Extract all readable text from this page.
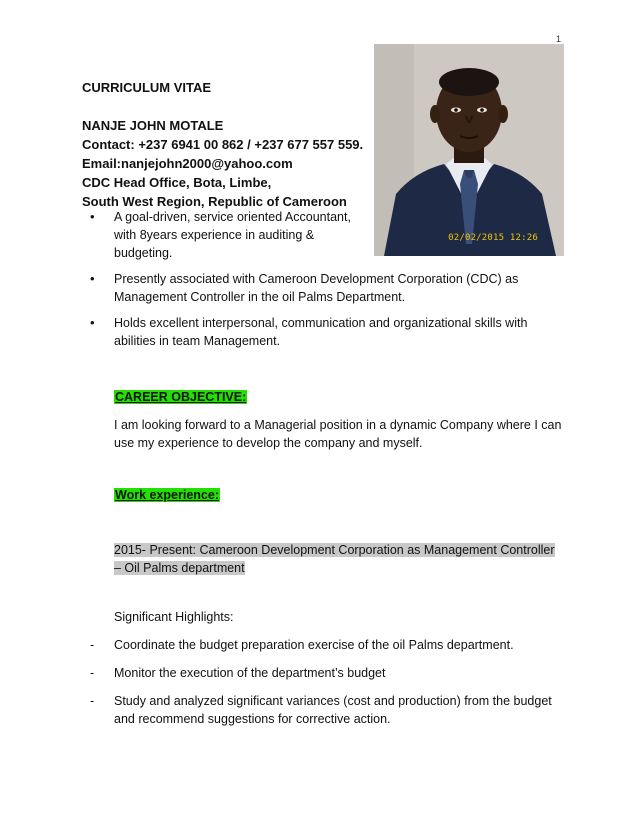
1
CURRICULUM VITAE
NANJE JOHN MOTALE
Contact: +237 6941 00 862 / +237 677 557 559.
Email:nanjejohn2000@yahoo.com
CDC Head Office, Bota, Limbe,
South West Region, Republic of Cameroon
02/02/2015 12:26
• A goal-driven, service oriented Accountant, with 8years experience in auditing & budgeting.
• Presently associated with Cameroon Development Corporation (CDC) as Management Controller in the oil Palms Department.
• Holds excellent interpersonal, communication and organizational skills with abilities in team Management.
CAREER OBJECTIVE:
I am looking forward to a Managerial position in a dynamic Company where I can use my experience to develop the company and myself.
Work experience:
2015- Present: Cameroon Development Corporation as Management Controller – Oil Palms department
Significant Highlights:
- Coordinate the budget preparation exercise of the oil Palms department.
- Monitor the execution of the department’s budget
- Study and analyzed significant variances (cost and production) from the budget and recommend suggestions for corrective action.
